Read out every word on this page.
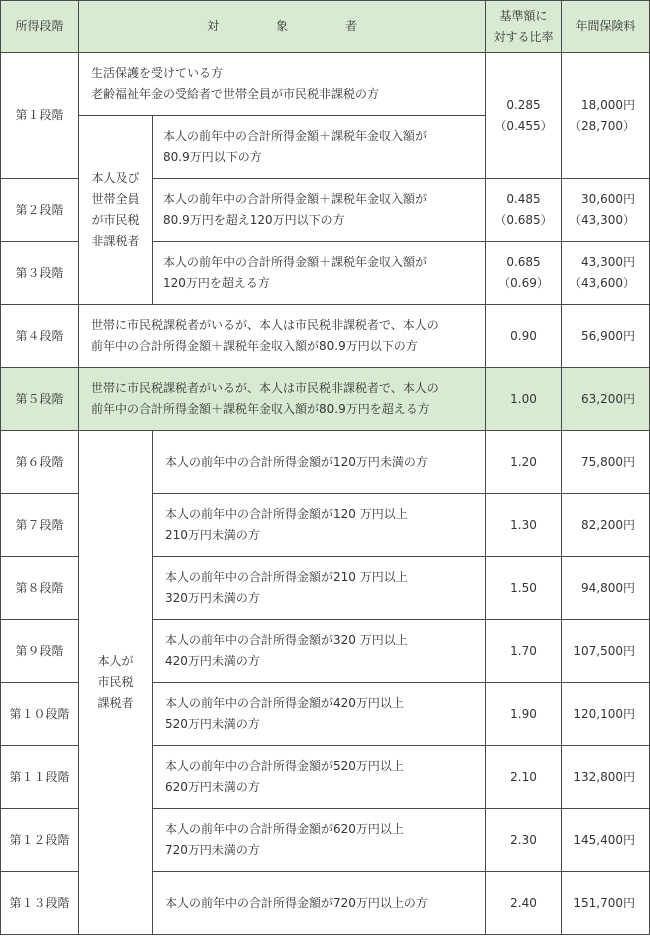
所得段階	対 象 者		基準額に
対する比率	年間保険料
第１段階	生活保護を受けている方
老齢福祉年金の受給者で世帯全員が市民税非課税の方		0.285
（0.455）	18,000円
（28,700）

	本人及び
世帯全員
が市民税
非課税者	本人の前年中の合計所得金額＋課税年金収入額が
80.9万円以下の方		

第２段階		本人の前年中の合計所得金額＋課税年金収入額が
80.9万円を超え120万円以下の方	0.485
（0.685）	30,600円
（43,300）

第３段階		本人の前年中の合計所得金額＋課税年金収入額が
120万円を超える方	0.685
（0.69）	43,300円
（43,600）

第４段階	世帯に市民税課税者がいるが、本人は市民税非課税者で、本人の
前年中の合計所得金額＋課税年金収入額が80.9万円以下の方		0.90	56,900円
第５段階	世帯に市民税課税者がいるが、本人は市民税非課税者で、本人の
前年中の合計所得金額＋課税年金収入額が80.9万円を超える方		1.00	63,200円
第６段階	本人が
市民税
課税者	本人の前年中の合計所得金額が120万円未満の方	1.20	75,800円
第７段階		本人の前年中の合計所得金額が120 万円以上
210万円未満の方	1.30	82,200円
第８段階		本人の前年中の合計所得金額が210 万円以上
320万円未満の方	1.50	94,800円
第９段階		本人の前年中の合計所得金額が320 万円以上
420万円未満の方	1.70	107,500円
第１０段階		本人の前年中の合計所得金額が420万円以上
520万円未満の方	1.90	120,100円
第１１段階		本人の前年中の合計所得金額が520万円以上
620万円未満の方	2.10	132,800円
第１２段階		本人の前年中の合計所得金額が620万円以上
720万円未満の方	2.30	145,400円
第１３段階		本人の前年中の合計所得金額が720万円以上の方	2.40	151,700円
